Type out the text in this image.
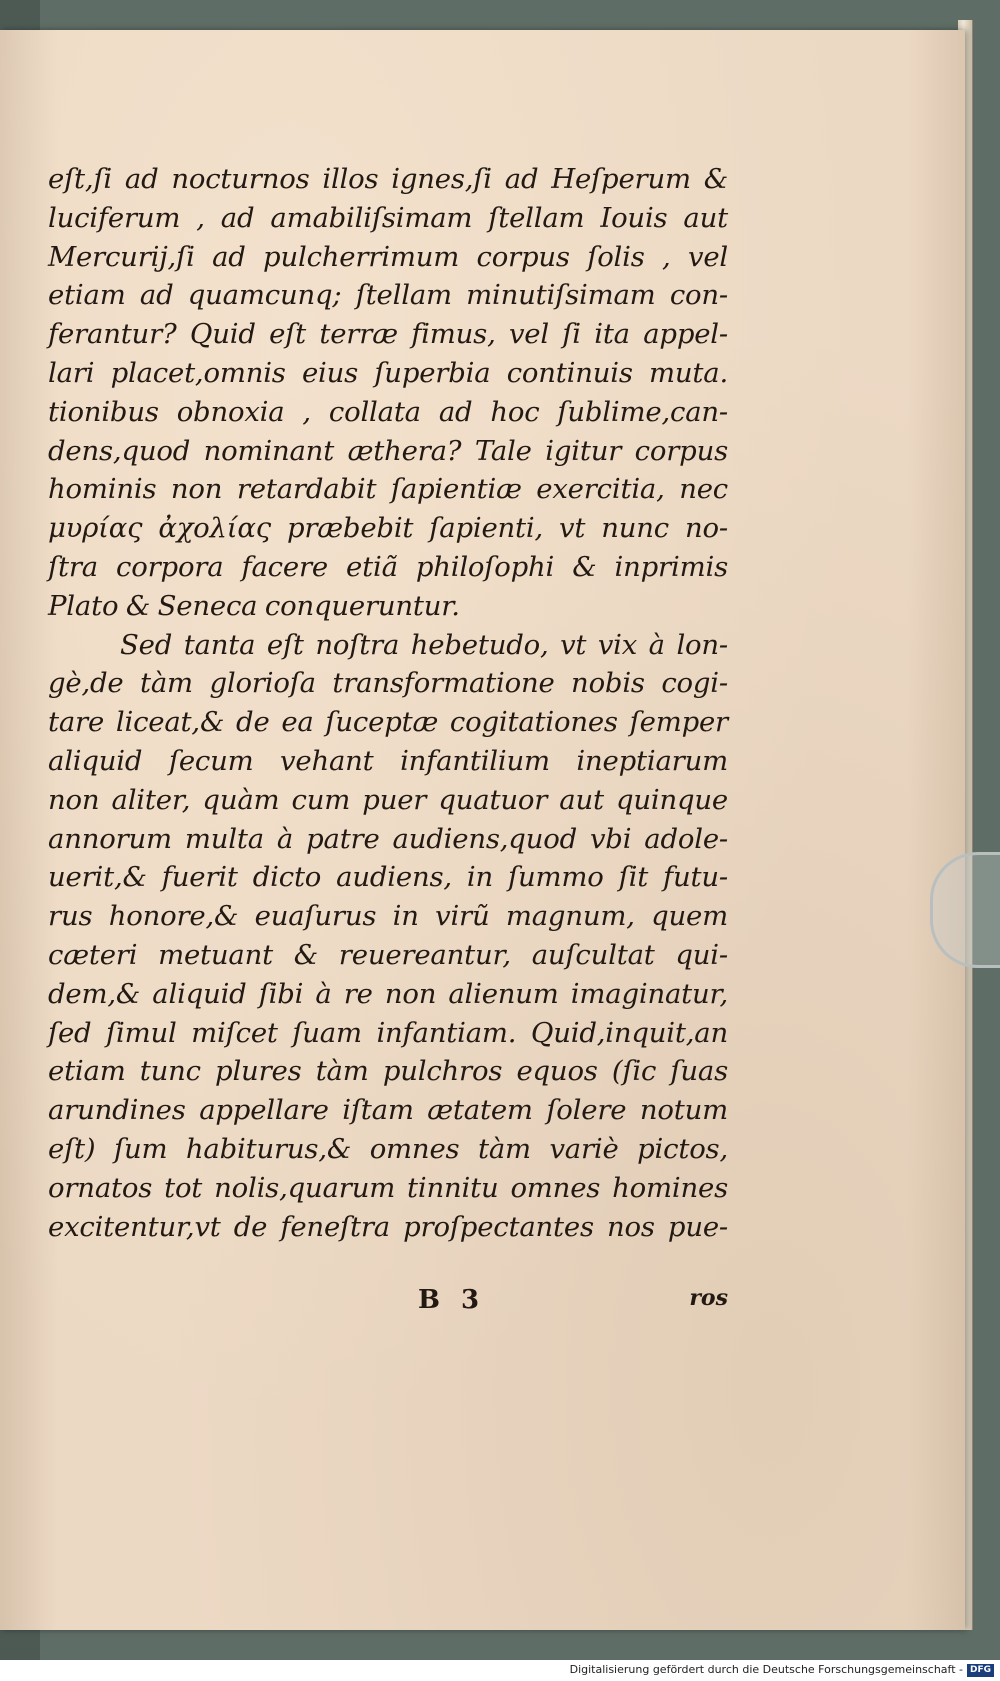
eſt,ſi ad nocturnos illos ignes,ſi ad Heſperum &
luciferum , ad amabiliſsimam ſtellam Iouis aut
Mercurij,ſi ad pulcherrimum corpus ſolis , vel
etiam ad quamcunq; ſtellam minutiſsimam con-
ferantur? Quid eſt terræ fimus, vel ſi ita appel-
lari placet,omnis eius ſuperbia continuis muta.
tionibus obnoxia , collata ad hoc ſublime,can-
dens,quod nominant æthera? Tale igitur corpus
hominis non retardabit ſapientiæ exercitia, nec
μυρίας ἀχολίας præbebit ſapienti, vt nunc no-
ſtra corpora facere etiã philoſophi & inprimis
Plato & Seneca conqueruntur.
Sed tanta eſt noſtra hebetudo, vt vix à lon-
gè,de tàm glorioſa transformatione nobis cogi-
tare liceat,& de ea ſuceptæ cogitationes ſemper
aliquid ſecum vehant infantilium ineptiarum
non aliter, quàm cum puer quatuor aut quinque
annorum multa à patre audiens,quod vbi adole-
uerit,& fuerit dicto audiens, in ſummo ſit futu-
rus honore,& euaſurus in virũ magnum, quem
cæteri metuant & reuereantur, auſcultat qui-
dem,& aliquid ſibi à re non alienum imaginatur,
ſed ſimul miſcet ſuam infantiam. Quid,inquit,an
etiam tunc plures tàm pulchros equos (ſic ſuas
arundines appellare iſtam ætatem ſolere notum
eſt) ſum habiturus,& omnes tàm variè pictos,
ornatos tot nolis,quarum tinnitu omnes homines
excitentur,vt de feneſtra proſpectantes nos pue-
B 3	ros
Digitalisierung gefördert durch die Deutsche Forschungsgemeinschaft - DFG
